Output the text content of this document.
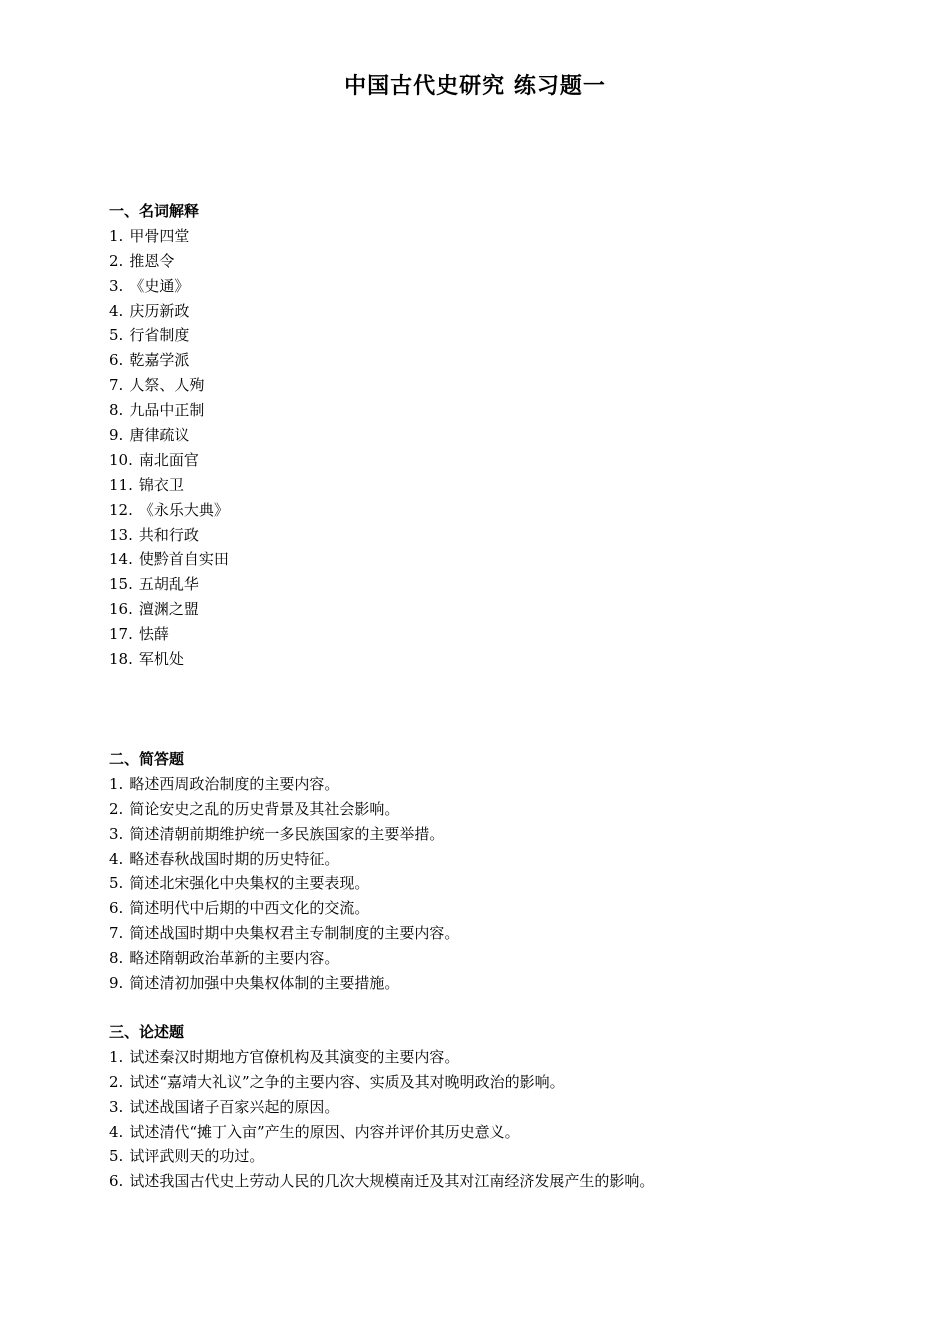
中国古代史研究 练习题一
一、名词解释
1. 甲骨四堂
2. 推恩令
3. 《史通》
4. 庆历新政
5. 行省制度
6. 乾嘉学派
7. 人祭、人殉
8. 九品中正制
9. 唐律疏议
10. 南北面官
11. 锦衣卫
12. 《永乐大典》
13. 共和行政
14. 使黔首自实田
15. 五胡乱华
16. 澶渊之盟
17. 怯薛
18. 军机处
二、简答题
1. 略述西周政治制度的主要内容。
2. 简论安史之乱的历史背景及其社会影响。
3. 简述清朝前期维护统一多民族国家的主要举措。
4. 略述春秋战国时期的历史特征。
5. 简述北宋强化中央集权的主要表现。
6. 简述明代中后期的中西文化的交流。
7. 简述战国时期中央集权君主专制制度的主要内容。
8. 略述隋朝政治革新的主要内容。
9. 简述清初加强中央集权体制的主要措施。
三、论述题
1. 试述秦汉时期地方官僚机构及其演变的主要内容。
2. 试述“嘉靖大礼议”之争的主要内容、实质及其对晚明政治的影响。
3. 试述战国诸子百家兴起的原因。
4. 试述清代“摊丁入亩”产生的原因、内容并评价其历史意义。
5. 试评武则天的功过。
6. 试述我国古代史上劳动人民的几次大规模南迁及其对江南经济发展产生的影响。
